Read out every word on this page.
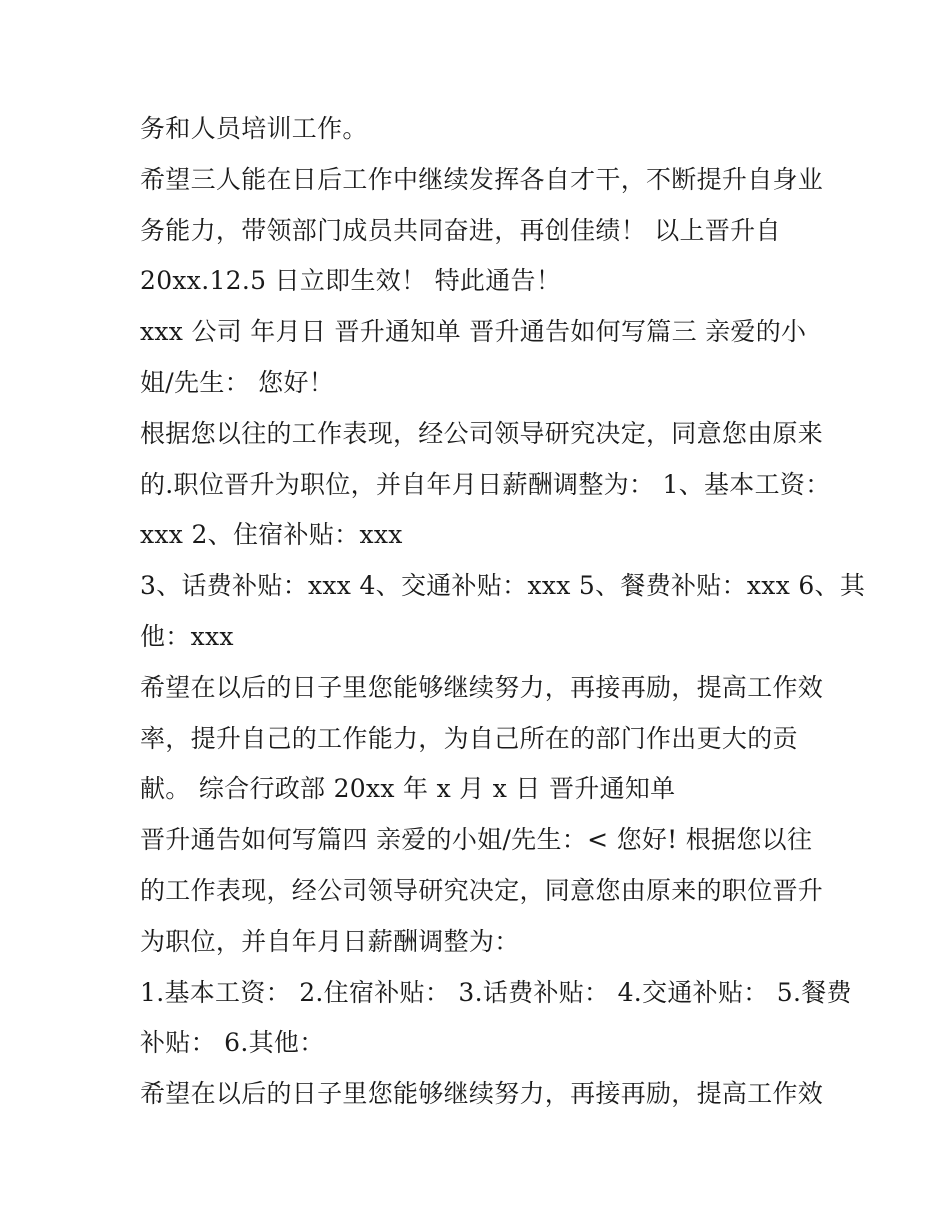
务和人员培训工作。
希望三人能在日后工作中继续发挥各自才干，不断提升自身业
务能力，带领部门成员共同奋进，再创佳绩！ 以上晋升自
20xx.12.5 日立即生效！ 特此通告！
xxx 公司 年月日 晋升通知单 晋升通告如何写篇三 亲爱的小
姐/先生： 您好！
根据您以往的工作表现，经公司领导研究决定，同意您由原来
的.职位晋升为职位，并自年月日薪酬调整为： 1、基本工资：
xxx 2、住宿补贴：xxx
3、话费补贴：xxx 4、交通补贴：xxx 5、餐费补贴：xxx 6、其
他：xxx
希望在以后的日子里您能够继续努力，再接再励，提高工作效
率，提升自己的工作能力，为自己所在的部门作出更大的贡
献。 综合行政部 20xx 年 x 月 x 日 晋升通知单
晋升通告如何写篇四 亲爱的小姐/先生：< 您好! 根据您以往
的工作表现，经公司领导研究决定，同意您由原来的职位晋升
为职位，并自年月日薪酬调整为：
1.基本工资： 2.住宿补贴： 3.话费补贴： 4.交通补贴： 5.餐费
补贴： 6.其他：
希望在以后的日子里您能够继续努力，再接再励，提高工作效
